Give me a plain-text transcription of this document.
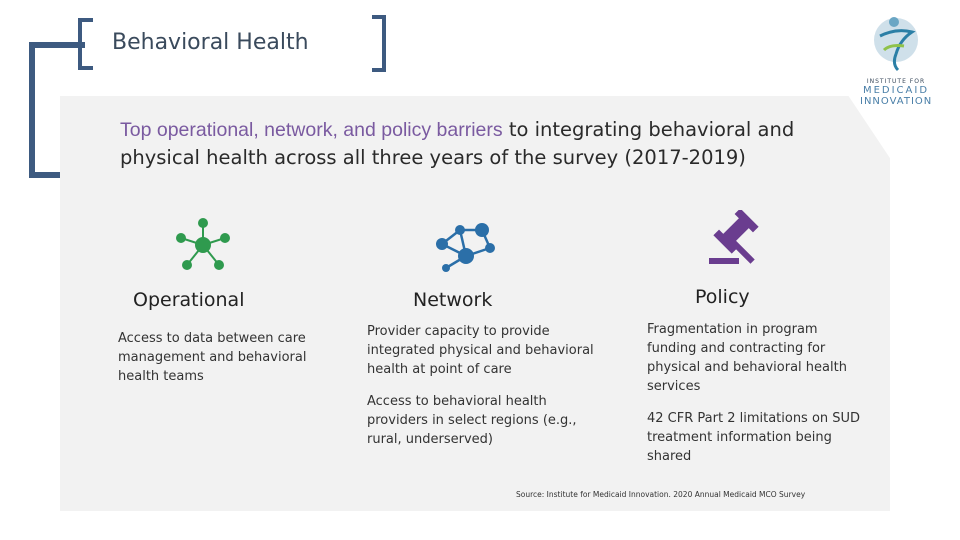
Behavioral Health
INSTITUTE FOR
MEDICAID
INNOVATION
Top operational, network, and policy barriers to integrating behavioral and physical health across all three years of the survey (2017-2019)
Operational
Access to data between care management and behavioral health teams
Network
Provider capacity to provide integrated physical and behavioral health at point of care
Access to behavioral health providers in select regions (e.g., rural, underserved)
Policy
Fragmentation in program funding and contracting for physical and behavioral health services
42 CFR Part 2 limitations on SUD treatment information being shared
Source: Institute for Medicaid Innovation. 2020 Annual Medicaid MCO Survey
